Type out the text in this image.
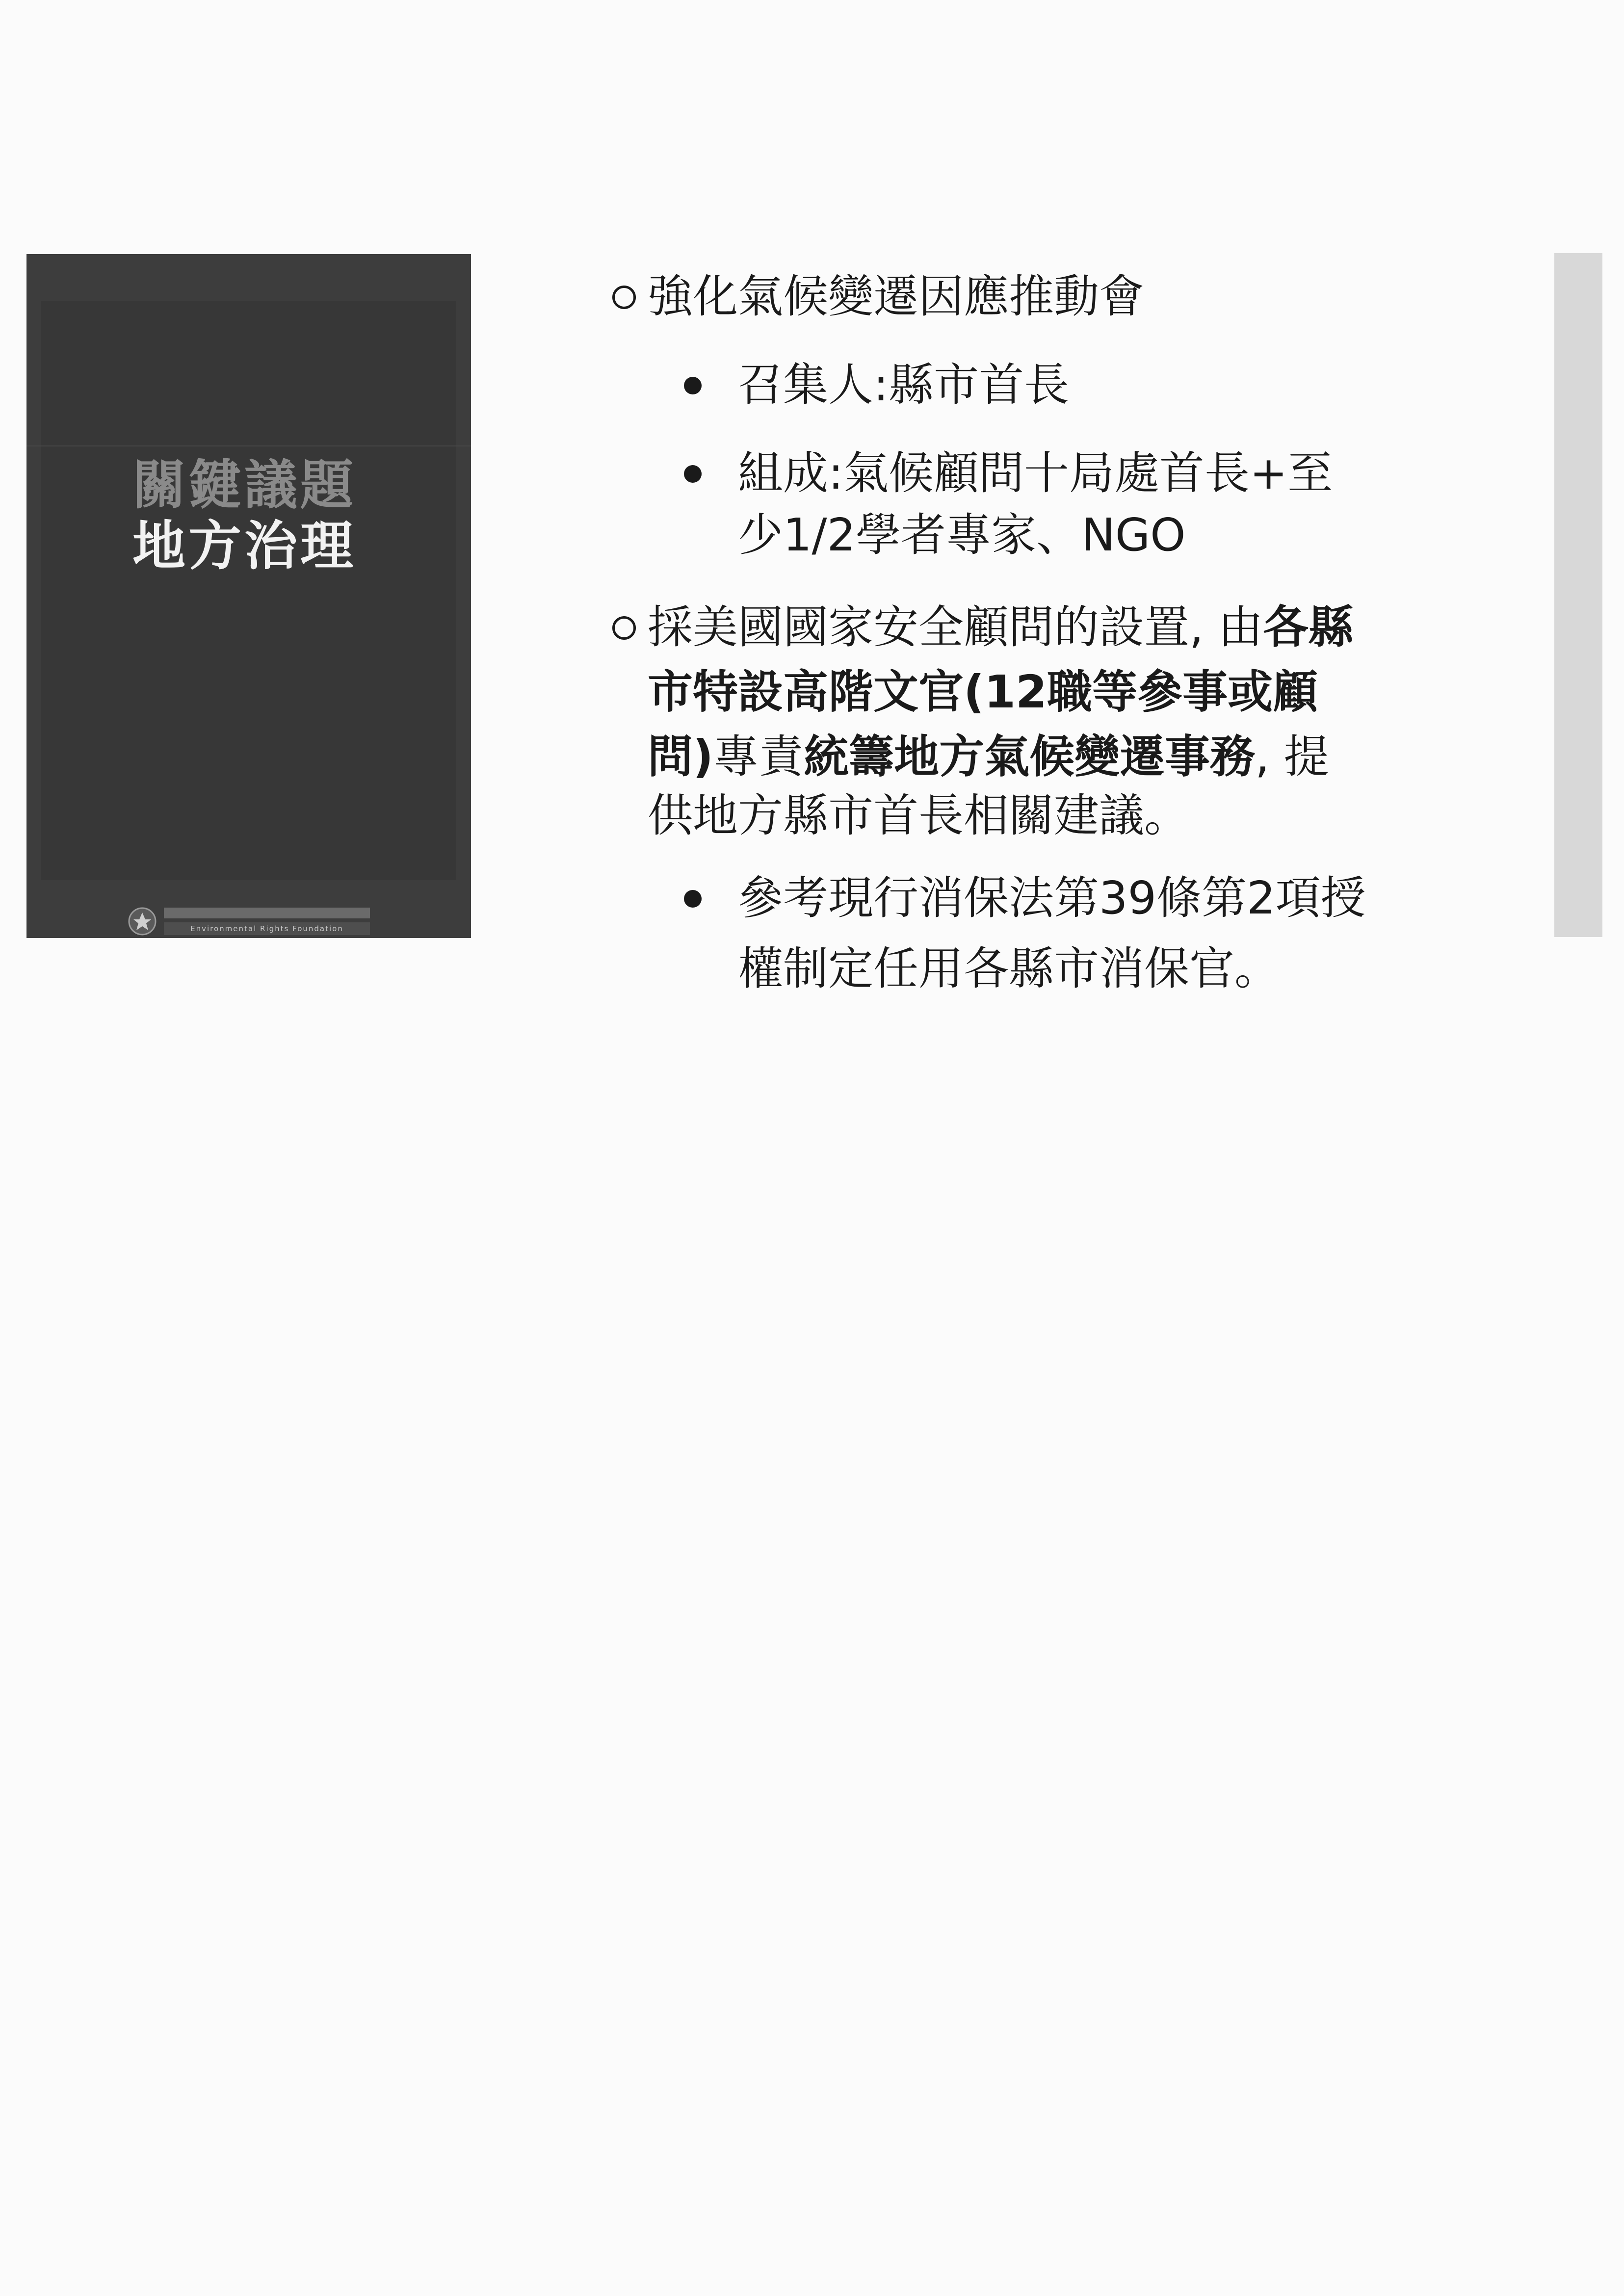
關鍵議題
地方治理
Environmental Rights Foundation
強化氣候變遷因應推動會
召集人:縣市首長
組成:氣候顧問十局處首長+至
少1/2學者專家、NGO
採美國國家安全顧問的設置, 由各縣
市特設高階文官(12職等參事或顧
問)專責統籌地方氣候變遷事務, 提
供地方縣市首長相關建議。
參考現行消保法第39條第2項授
權制定任用各縣市消保官。
